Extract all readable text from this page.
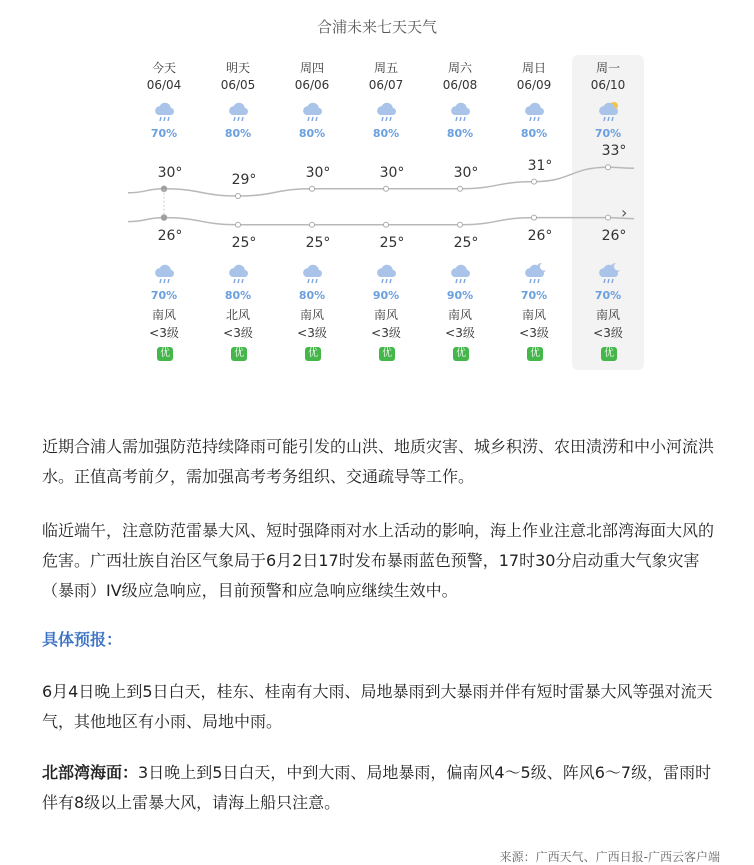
合浦未来七天天气
今天
06/04
70%
70%
南风
<3级
优
30°
26°
明天
06/05
80%
80%
北风
<3级
优
29°
25°
周四
06/06
80%
80%
南风
<3级
优
30°
25°
周五
06/07
80%
90%
南风
<3级
优
30°
25°
周六
06/08
80%
90%
南风
<3级
优
30°
25°
周日
06/09
80%
70%
南风
<3级
优
31°
26°
周一
06/10
70%
70%
南风
<3级
优
33°
26°
›
近期合浦人需加强防范持续降雨可能引发的山洪、地质灾害、城乡积涝、农田渍涝和中小河流洪水。正值高考前夕，需加强高考考务组织、交通疏导等工作。
临近端午，注意防范雷暴大风、短时强降雨对水上活动的影响，海上作业注意北部湾海面大风的危害。广西壮族自治区气象局于6月2日17时发布暴雨蓝色预警，17时30分启动重大气象灾害（暴雨）IV级应急响应，目前预警和应急响应继续生效中。
具体预报：
6月4日晚上到5日白天，桂东、桂南有大雨、局地暴雨到大暴雨并伴有短时雷暴大风等强对流天气，其他地区有小雨、局地中雨。
北部湾海面：3日晚上到5日白天，中到大雨、局地暴雨，偏南风4～5级、阵风6～7级，雷雨时伴有8级以上雷暴大风，请海上船只注意。
来源：广西天气、广西日报-广西云客户端
